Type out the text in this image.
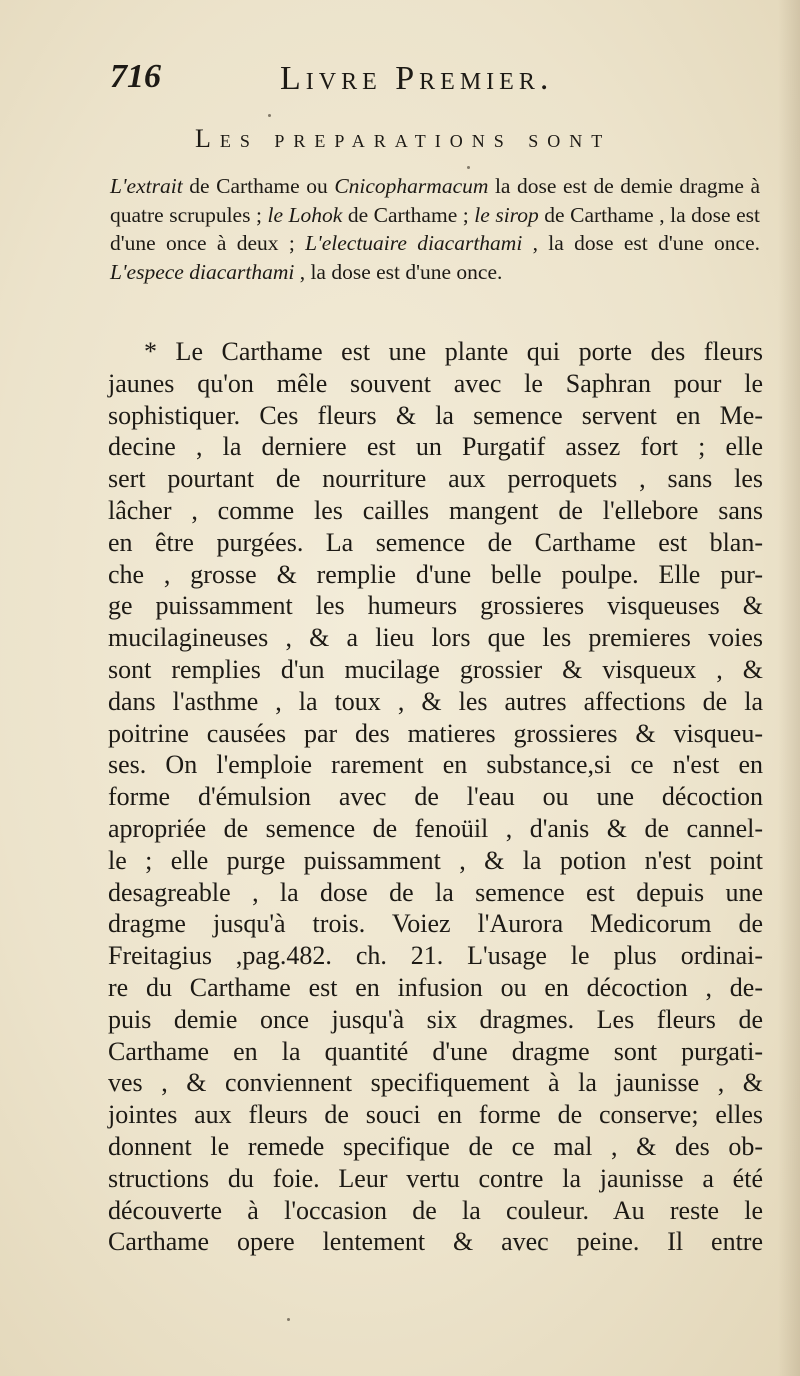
716	Livre Premier.
Les preparations sont
L'extrait de Carthame ou Cnicopharmacum la dose est de demie dragme à quatre scrupules ; le Lohok de Carthame ; le sirop de Carthame , la dose est d'une once à deux ; L'electuaire diacarthami , la dose est d'une once. L'espece diacarthami , la dose est d'une once.
* Le Carthame est une plante qui porte des fleurs
jaunes qu'on mêle souvent avec le Saphran pour le
sophistiquer. Ces fleurs & la semence servent en Me-
decine , la derniere est un Purgatif assez fort ; elle
sert pourtant de nourriture aux perroquets , sans les
lâcher , comme les cailles mangent de l'ellebore sans
en être purgées. La semence de Carthame est blan-
che , grosse & remplie d'une belle poulpe. Elle pur-
ge puissamment les humeurs grossieres visqueuses &
mucilagineuses , & a lieu lors que les premieres voies
sont remplies d'un mucilage grossier & visqueux , &
dans l'asthme , la toux , & les autres affections de la
poitrine causées par des matieres grossieres & visqueu-
ses. On l'emploie rarement en substance,si ce n'est en
forme d'émulsion avec de l'eau ou une décoction
apropriée de semence de fenoüil , d'anis & de cannel-
le ; elle purge puissamment , & la potion n'est point
desagreable , la dose de la semence est depuis une
dragme jusqu'à trois. Voiez l'Aurora Medicorum de
Freitagius ,pag.482. ch. 21. L'usage le plus ordinai-
re du Carthame est en infusion ou en décoction , de-
puis demie once jusqu'à six dragmes. Les fleurs de
Carthame en la quantité d'une dragme sont purgati-
ves , & conviennent specifiquement à la jaunisse , &
jointes aux fleurs de souci en forme de conserve; elles
donnent le remede specifique de ce mal , & des ob-
structions du foie. Leur vertu contre la jaunisse a été
découverte à l'occasion de la couleur. Au reste le
Carthame opere lentement & avec peine. Il entre
